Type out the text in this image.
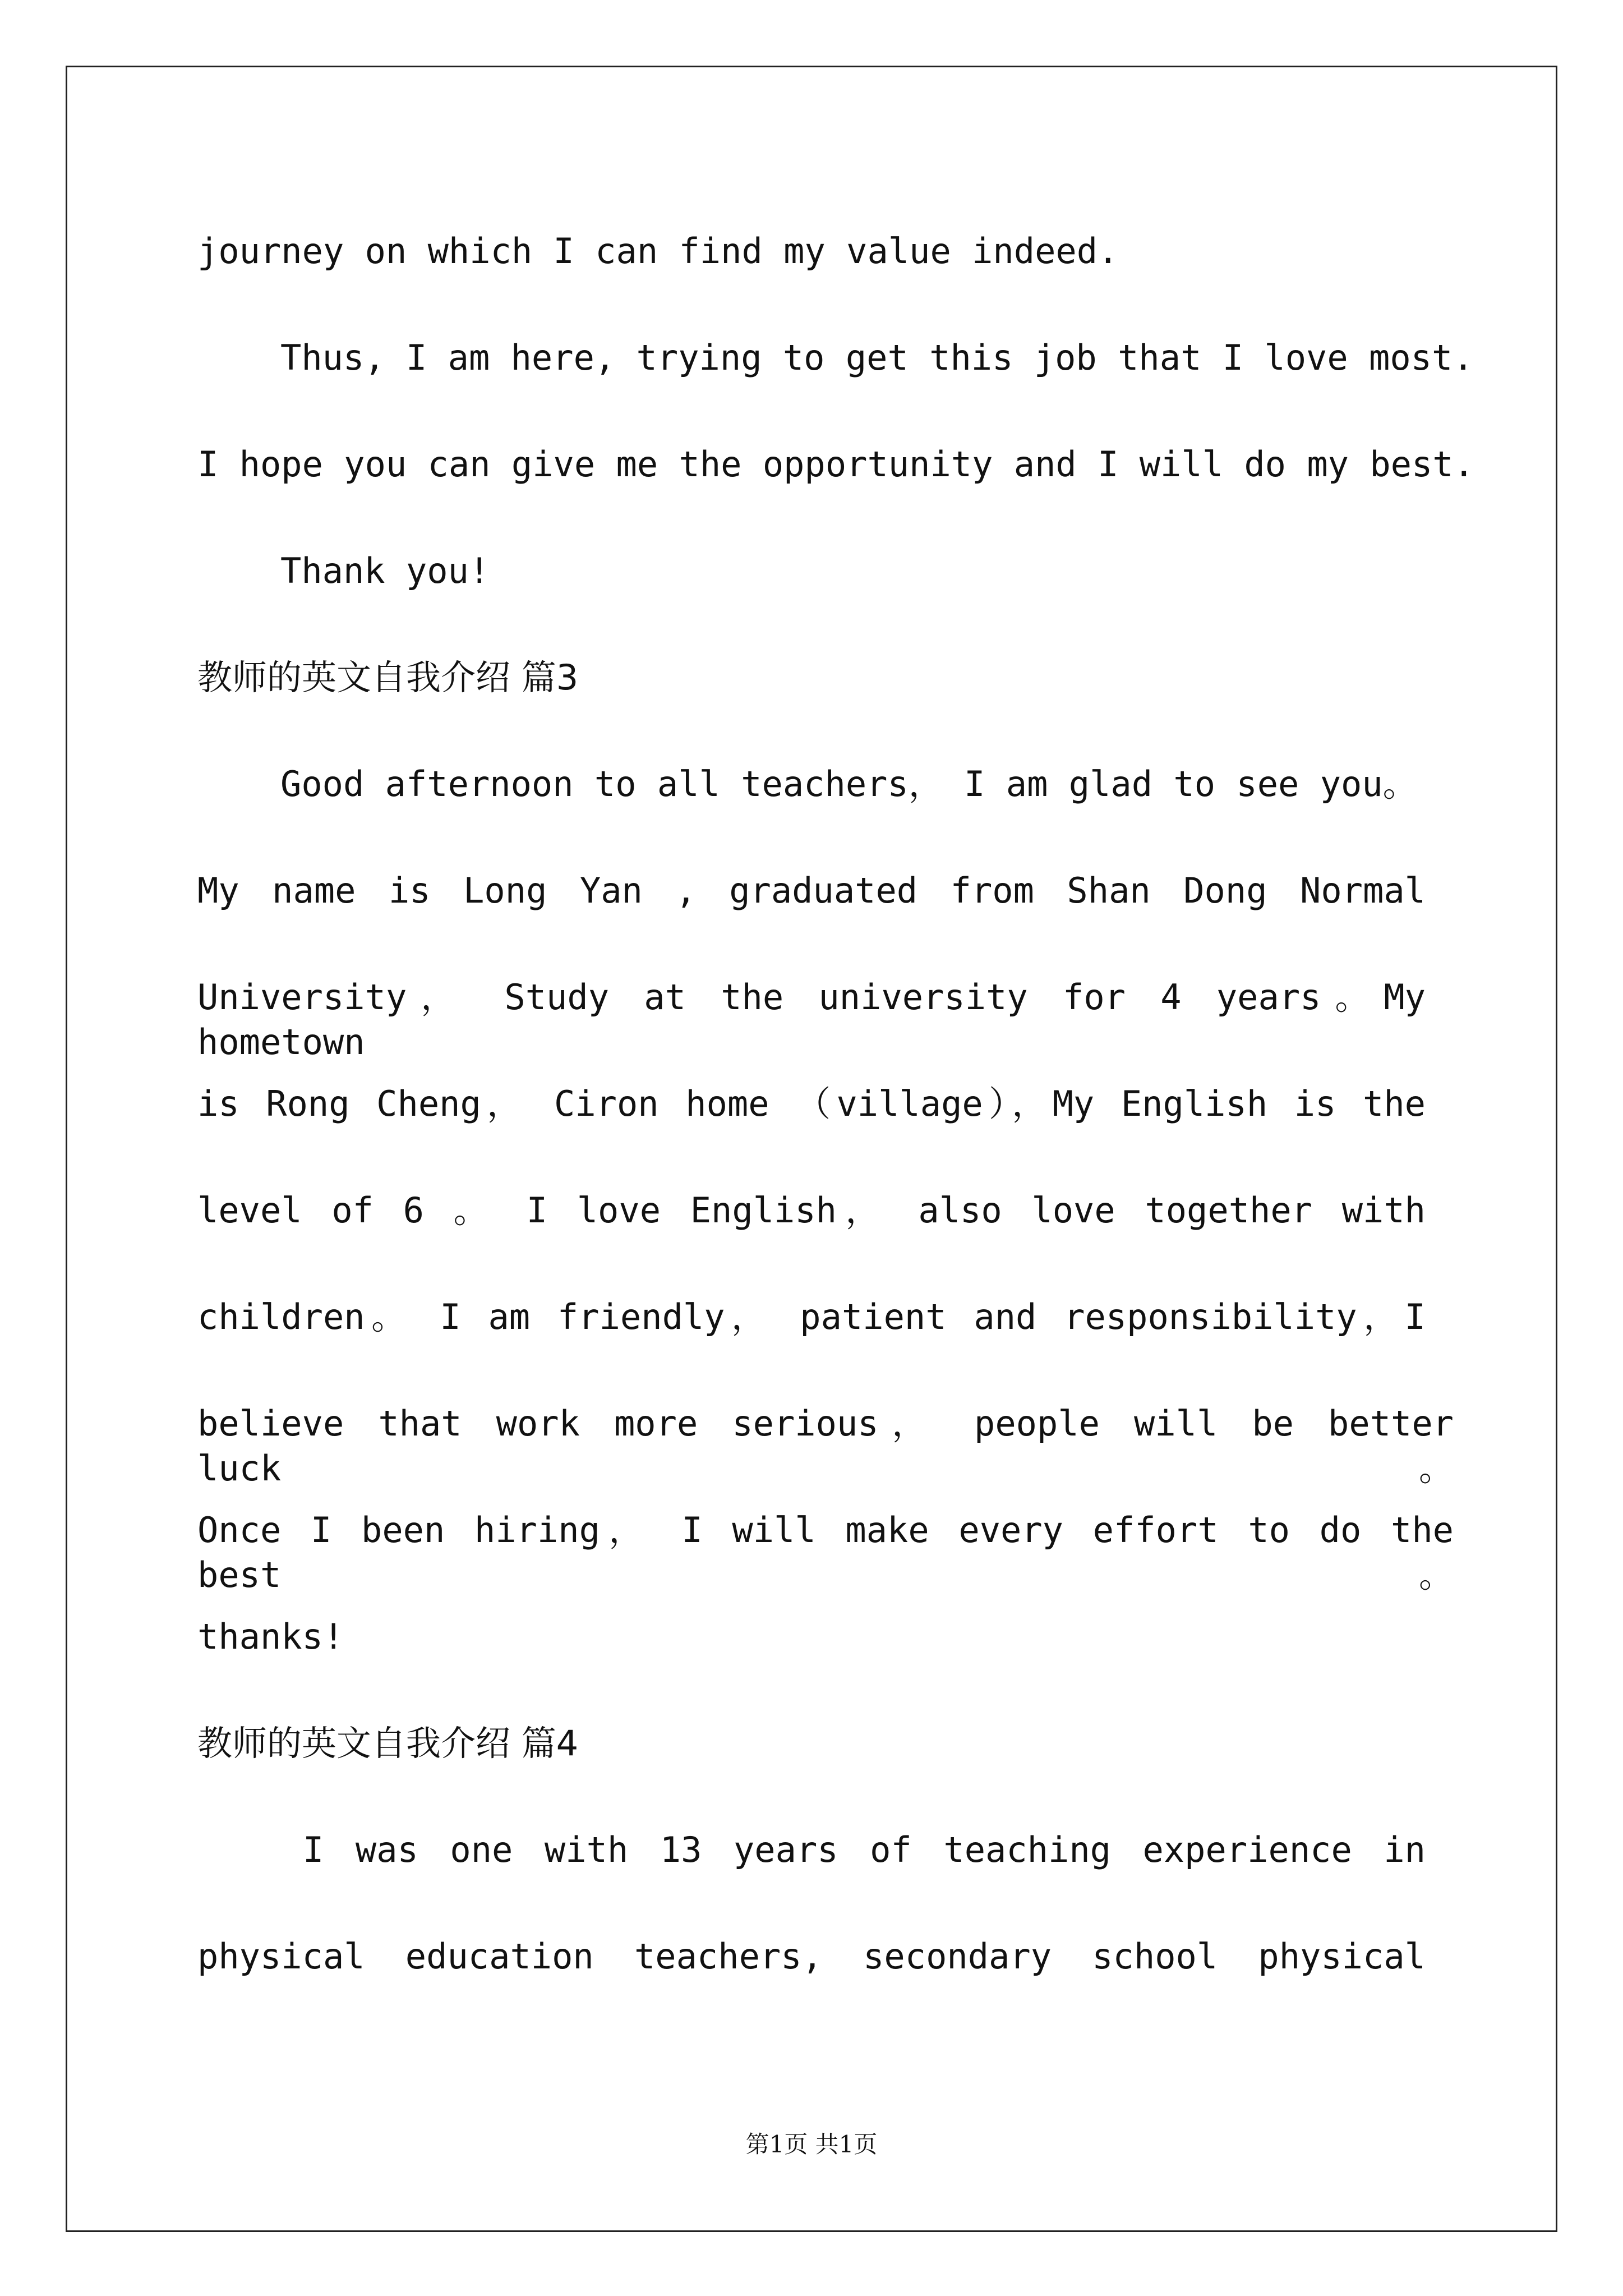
journey on which I can find my value indeed.

Thus, I am here, trying to get this job that I love most.

I hope you can give me the opportunity and I will do my best.

Thank you!

教师的英文自我介绍 篇3

Good afternoon to all teachers， I am glad to see you。

My name is Long Yan , graduated from Shan Dong Normal

University， Study at the university for 4 years。My hometown

is Rong Cheng， Ciron home （village），My English is the

level of 6 。 I love English， also love together with

children。 I am friendly， patient and responsibility，I

believe that work more serious， people will be better luck。

Once I been hiring， I will make every effort to do the best。

thanks!

教师的英文自我介绍 篇4

I was one with 13 years of teaching experience in

physical education teachers, secondary school physical

第1页 共1页
